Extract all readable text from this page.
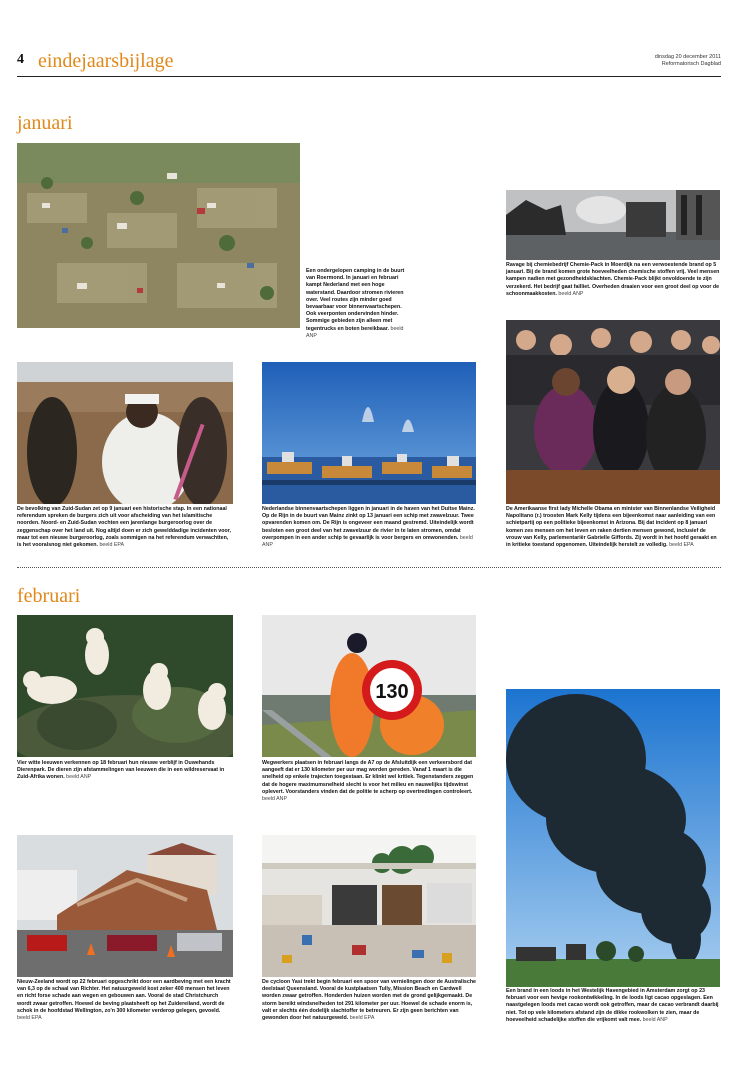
4 eindejaarsbijlage	dinsdag 20 december 2011
Reformatorisch Dagblad
januari
Een ondergelopen camping in de buurt van Roermond. In januari en februari kampt Nederland met een hoge waterstand. Daardoor stromen rivieren over. Veel routes zijn minder goed bevaarbaar voor binnenvaartschepen. Ook veerponten ondervinden hinder. Sommige gebieden zijn alleen met tegentrucks en boten bereikbaar. beeld ANP
Ravage bij chemiebedrijf Chemie-Pack in Moerdijk na een verwoestende brand op 5 januari. Bij de brand komen grote hoeveelheden chemische stoffen vrij. Veel mensen kampen nadien met gezondheidsklachten. Chemie-Pack blijkt onvoldoende te zijn verzekerd. Het bedrijf gaat failliet. Overheden draaien voor een groot deel op voor de schoonmaakkosten. beeld ANP
De bevolking van Zuid-Sudan zet op 9 januari een historische stap. In een nationaal referendum spreken de burgers zich uit voor afscheiding van het islamitische noorden. Noord- en Zuid-Sudan vochten een jarenlange burgeroorlog over de zeggenschap over het land uit. Nog altijd doen er zich gewelddadige incidenten voor, maar tot een nieuwe burgeroorlog, zoals sommigen na het referendum verwachtten, is het vooralsnog niet gekomen. beeld EPA
Nederlandse binnenvaartschepen liggen in januari in de haven van het Duitse Mainz. Op de Rijn in de buurt van Mainz zinkt op 13 januari een schip met zwavelzuur. Twee opvarenden komen om. De Rijn is ongeveer een maand gestremd. Uiteindelijk wordt besloten een groot deel van het zwavelzuur de rivier in te laten stromen, omdat overpompen in een ander schip te gevaarlijk is voor bergers en omwonenden. beeld ANP
De Amerikaanse first lady Michelle Obama en minister van Binnenlandse Veiligheid Napolitano (r.) troosten Mark Kelly tijdens een bijeenkomst naar aanleiding van een schietpartij op een politieke bijeenkomst in Arizona. Bij dat incident op 8 januari komen zes mensen om het leven en raken dertien mensen gewond, inclusief de vrouw van Kelly, parlementariër Gabrielle Giffords. Zij wordt in het hoofd geraakt en in kritieke toestand opgenomen. Uiteindelijk herstelt ze volledig. beeld EPA
februari
Vier witte leeuwen verkennen op 18 februari hun nieuwe verblijf in Ouwehands Dierenpark. De dieren zijn afstammelingen van leeuwen die in een wildreservaat in Zuid-Afrika wonen. beeld ANP
130
Wegwerkers plaatsen in februari langs de A7 op de Afsluitdijk een verkeersbord dat aangeeft dat er 130 kilometer per uur mag worden gereden. Vanaf 1 maart is die snelheid op enkele trajecten toegestaan. Er klinkt wel kritiek. Tegenstanders zeggen dat de hogere maximumsnelheid slecht is voor het milieu en nauwelijks tijdswinst oplevert. Voorstanders vinden dat de politie te scherp op overtredingen controleert. beeld ANP
Een brand in een loods in het Westelijk Havengebied in Amsterdam zorgt op 23 februari voor een hevige rookontwikkeling. In de loods ligt cacao opgeslagen. Een naastgelegen loods met cacao wordt ook getroffen, maar de cacao verbrandt daarbij niet. Tot op vele kilometers afstand zijn de dikke rookwolken te zien, maar de hoeveelheid schadelijke stoffen die vrijkomt valt mee. beeld ANP
Nieuw-Zeeland wordt op 22 februari opgeschrikt door een aardbeving met een kracht van 6,3 op de schaal van Richter. Het natuurgeweld kost zeker 400 mensen het leven en richt forse schade aan wegen en gebouwen aan. Vooral de stad Christchurch wordt zwaar getroffen. Hoewel de beving plaatsheeft op het Zuidereiland, wordt de schok in de hoofdstad Wellington, zo'n 300 kilometer verderop gelegen, gevoeld. beeld EPA
De cycloon Yasi trekt begin februari een spoor van vernielingen door de Australische deelstaat Queensland. Vooral de kustplaatsen Tully, Mission Beach en Cardwell worden zwaar getroffen. Honderden huizen worden met de grond gelijkgemaakt. De storm bereikt windsnelheden tot 291 kilometer per uur. Hoewel de schade enorm is, valt er slechts één dodelijk slachtoffer te betreuren. Er zijn geen berichten van gewonden door het natuurgeweld. beeld EPA
